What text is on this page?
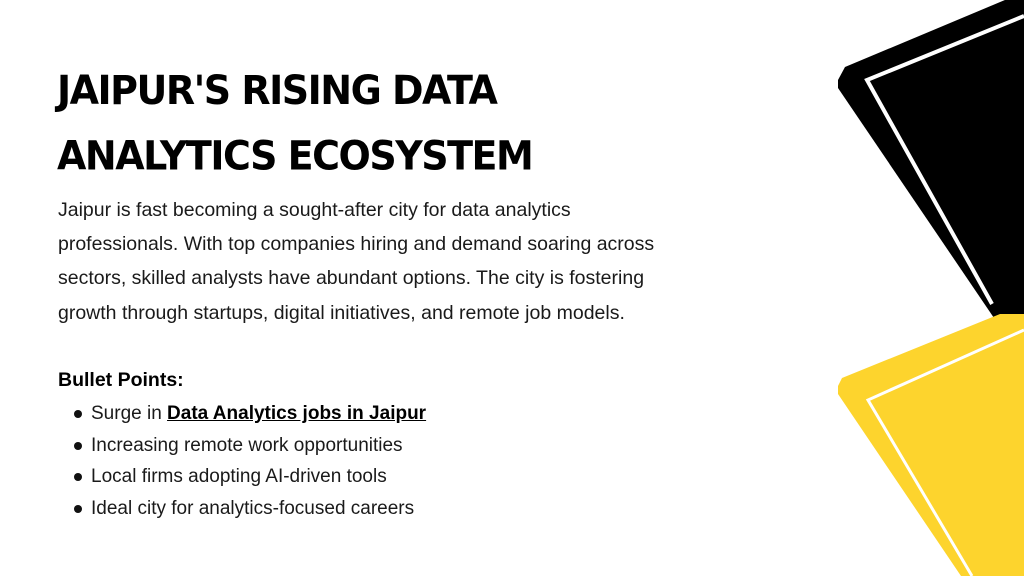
JAIPUR'S RISING DATA ANALYTICS ECOSYSTEM

Jaipur is fast becoming a sought-after city for data analytics professionals. With top companies hiring and demand soaring across sectors, skilled analysts have abundant options. The city is fostering growth through startups, digital initiatives, and remote job models.

Bullet Points:

Surge in Data Analytics jobs in Jaipur
Increasing remote work opportunities
Local firms adopting AI-driven tools
Ideal city for analytics-focused careers
